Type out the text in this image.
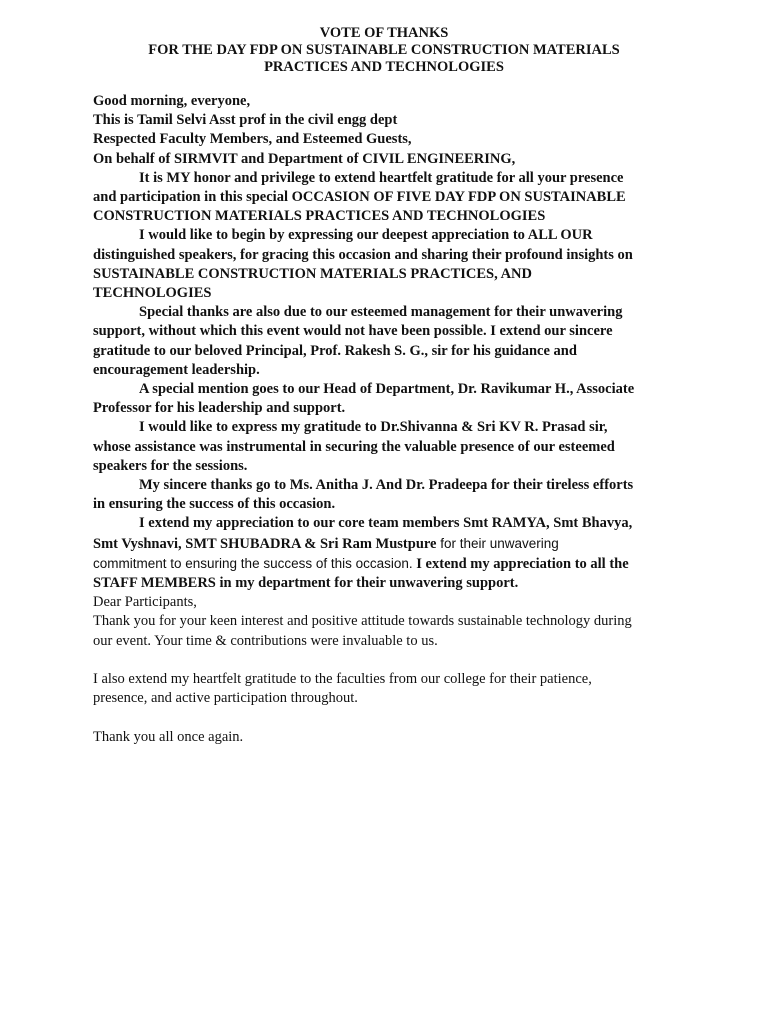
VOTE OF THANKS
FOR THE DAY FDP ON SUSTAINABLE CONSTRUCTION MATERIALS
PRACTICES AND TECHNOLOGIES
Good morning, everyone,
This is Tamil Selvi Asst prof in the civil engg dept
Respected Faculty Members, and Esteemed Guests,
On behalf of SIRMVIT and Department of CIVIL ENGINEERING,
It is MY honor and privilege to extend heartfelt gratitude for all your presence
and participation in this special OCCASION OF FIVE DAY FDP ON SUSTAINABLE
CONSTRUCTION MATERIALS PRACTICES AND TECHNOLOGIES
I would like to begin by expressing our deepest appreciation to ALL OUR
distinguished speakers, for gracing this occasion and sharing their profound insights on
SUSTAINABLE CONSTRUCTION MATERIALS PRACTICES, AND
TECHNOLOGIES
Special thanks are also due to our esteemed management for their unwavering
support, without which this event would not have been possible. I extend our sincere
gratitude to our beloved Principal, Prof. Rakesh S. G., sir for his guidance and
encouragement leadership.
A special mention goes to our Head of Department, Dr. Ravikumar H., Associate
Professor for his leadership and support.
I would like to express my gratitude to Dr.Shivanna & Sri KV R. Prasad sir,
whose assistance was instrumental in securing the valuable presence of our esteemed
speakers for the sessions.
My sincere thanks go to Ms. Anitha J. And Dr. Pradeepa for their tireless efforts
in ensuring the success of this occasion.
I extend my appreciation to our core team members Smt RAMYA, Smt Bhavya,
Smt Vyshnavi, SMT SHUBADRA & Sri Ram Mustpure for their unwavering
commitment to ensuring the success of this occasion. I extend my appreciation to all the
STAFF MEMBERS in my department for their unwavering support.
Dear Participants,
Thank you for your keen interest and positive attitude towards sustainable technology during
our event. Your time & contributions were invaluable to us.
I also extend my heartfelt gratitude to the faculties from our college for their patience,
presence, and active participation throughout.
Thank you all once again.
